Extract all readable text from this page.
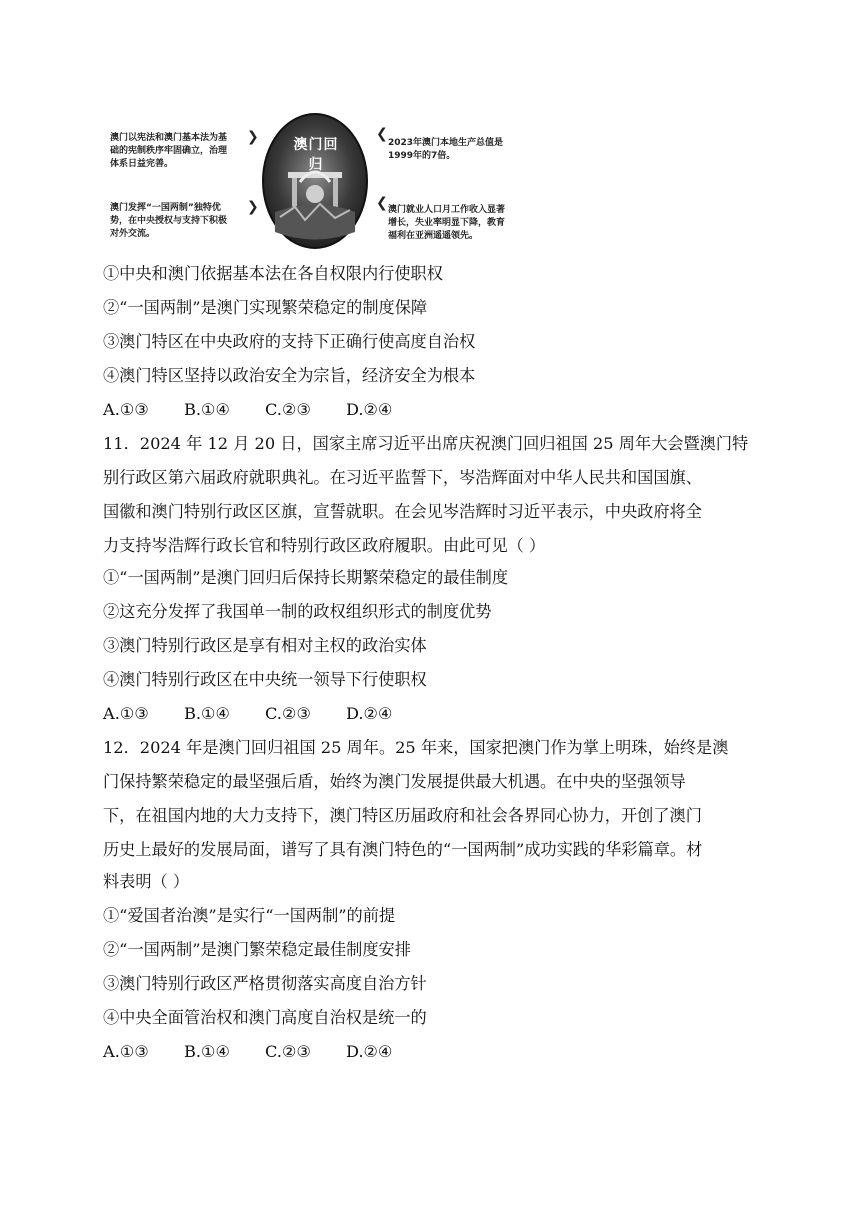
澳门以宪法和澳门基本法为基
础的宪制秩序牢固确立，治理
体系日益完善。
澳门发挥“一国两制”独特优
势，在中央授权与支持下积极
对外交流。
2023年澳门本地生产总值是
1999年的7倍。
澳门就业人口月工作收入显著
增长，失业率明显下降，教育
福利在亚洲遥遥领先。
❯
❯
❮
❮
澳门回归
①中央和澳门依据基本法在各自权限内行使职权
②“一国两制”是澳门实现繁荣稳定的制度保障
③澳门特区在中央政府的支持下正确行使高度自治权
④澳门特区坚持以政治安全为宗旨，经济安全为根本
A.①③ B.①④ C.②③ D.②④
11．2024 年 12 月 20 日，国家主席习近平出席庆祝澳门回归祖国 25 周年大会暨澳门特
别行政区第六届政府就职典礼。在习近平监誓下，岑浩辉面对中华人民共和国国旗、
国徽和澳门特别行政区区旗，宣誓就职。在会见岑浩辉时习近平表示，中央政府将全
力支持岑浩辉行政长官和特别行政区政府履职。由此可见（ ）
①“一国两制”是澳门回归后保持长期繁荣稳定的最佳制度
②这充分发挥了我国单一制的政权组织形式的制度优势
③澳门特别行政区是享有相对主权的政治实体
④澳门特别行政区在中央统一领导下行使职权
A.①③ B.①④ C.②③ D.②④
12．2024 年是澳门回归祖国 25 周年。25 年来，国家把澳门作为掌上明珠，始终是澳
门保持繁荣稳定的最坚强后盾，始终为澳门发展提供最大机遇。在中央的坚强领导
下，在祖国内地的大力支持下，澳门特区历届政府和社会各界同心协力，开创了澳门
历史上最好的发展局面，谱写了具有澳门特色的“一国两制”成功实践的华彩篇章。材
料表明（ ）
①“爱国者治澳”是实行“一国两制”的前提
②“一国两制”是澳门繁荣稳定最佳制度安排
③澳门特别行政区严格贯彻落实高度自治方针
④中央全面管治权和澳门高度自治权是统一的
A.①③ B.①④ C.②③ D.②④
